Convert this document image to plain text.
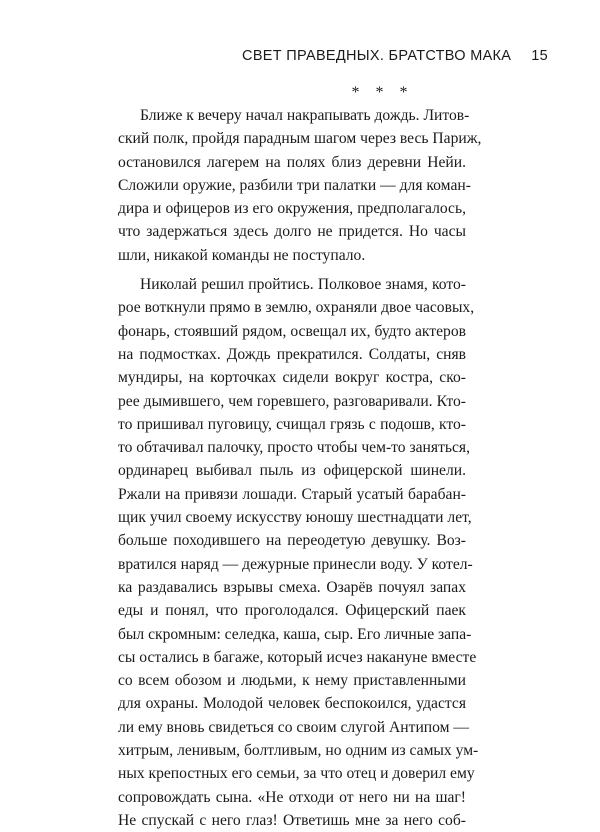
СВЕТ ПРАВЕДНЫХ. БРАТСТВО МАКА 15
* * *
Ближе к вечеру начал накрапывать дождь. Литов-
ский полк, пройдя парадным шагом через весь Париж,
остановился лагерем на полях близ деревни Нейи.
Сложили оружие, разбили три палатки — для коман-
дира и офицеров из его окружения, предполагалось,
что задержаться здесь долго не придется. Но часы
шли, никакой команды не поступало.
Николай решил пройтись. Полковое знамя, кото-
рое воткнули прямо в землю, охраняли двое часовых,
фонарь, стоявший рядом, освещал их, будто актеров
на подмостках. Дождь прекратился. Солдаты, сняв
мундиры, на корточках сидели вокруг костра, ско-
рее дымившего, чем горевшего, разговаривали. Кто-
то пришивал пуговицу, счищал грязь с подошв, кто-
то обтачивал палочку, просто чтобы чем-то заняться,
ординарец выбивал пыль из офицерской шинели.
Ржали на привязи лошади. Старый усатый барабан-
щик учил своему искусству юношу шестнадцати лет,
больше походившего на переодетую девушку. Воз-
вратился наряд — дежурные принесли воду. У котел-
ка раздавались взрывы смеха. Озарёв почуял запах
еды и понял, что проголодался. Офицерский паек
был скромным: селедка, каша, сыр. Его личные запа-
сы остались в багаже, который исчез накануне вместе
со всем обозом и людьми, к нему приставленными
для охраны. Молодой человек беспокоился, удастся
ли ему вновь свидеться со своим слугой Антипом —
хитрым, ленивым, болтливым, но одним из самых ум-
ных крепостных его семьи, за что отец и доверил ему
сопровождать сына. «Не отходи от него ни на шаг!
Не спускай с него глаз! Ответишь мне за него соб-
